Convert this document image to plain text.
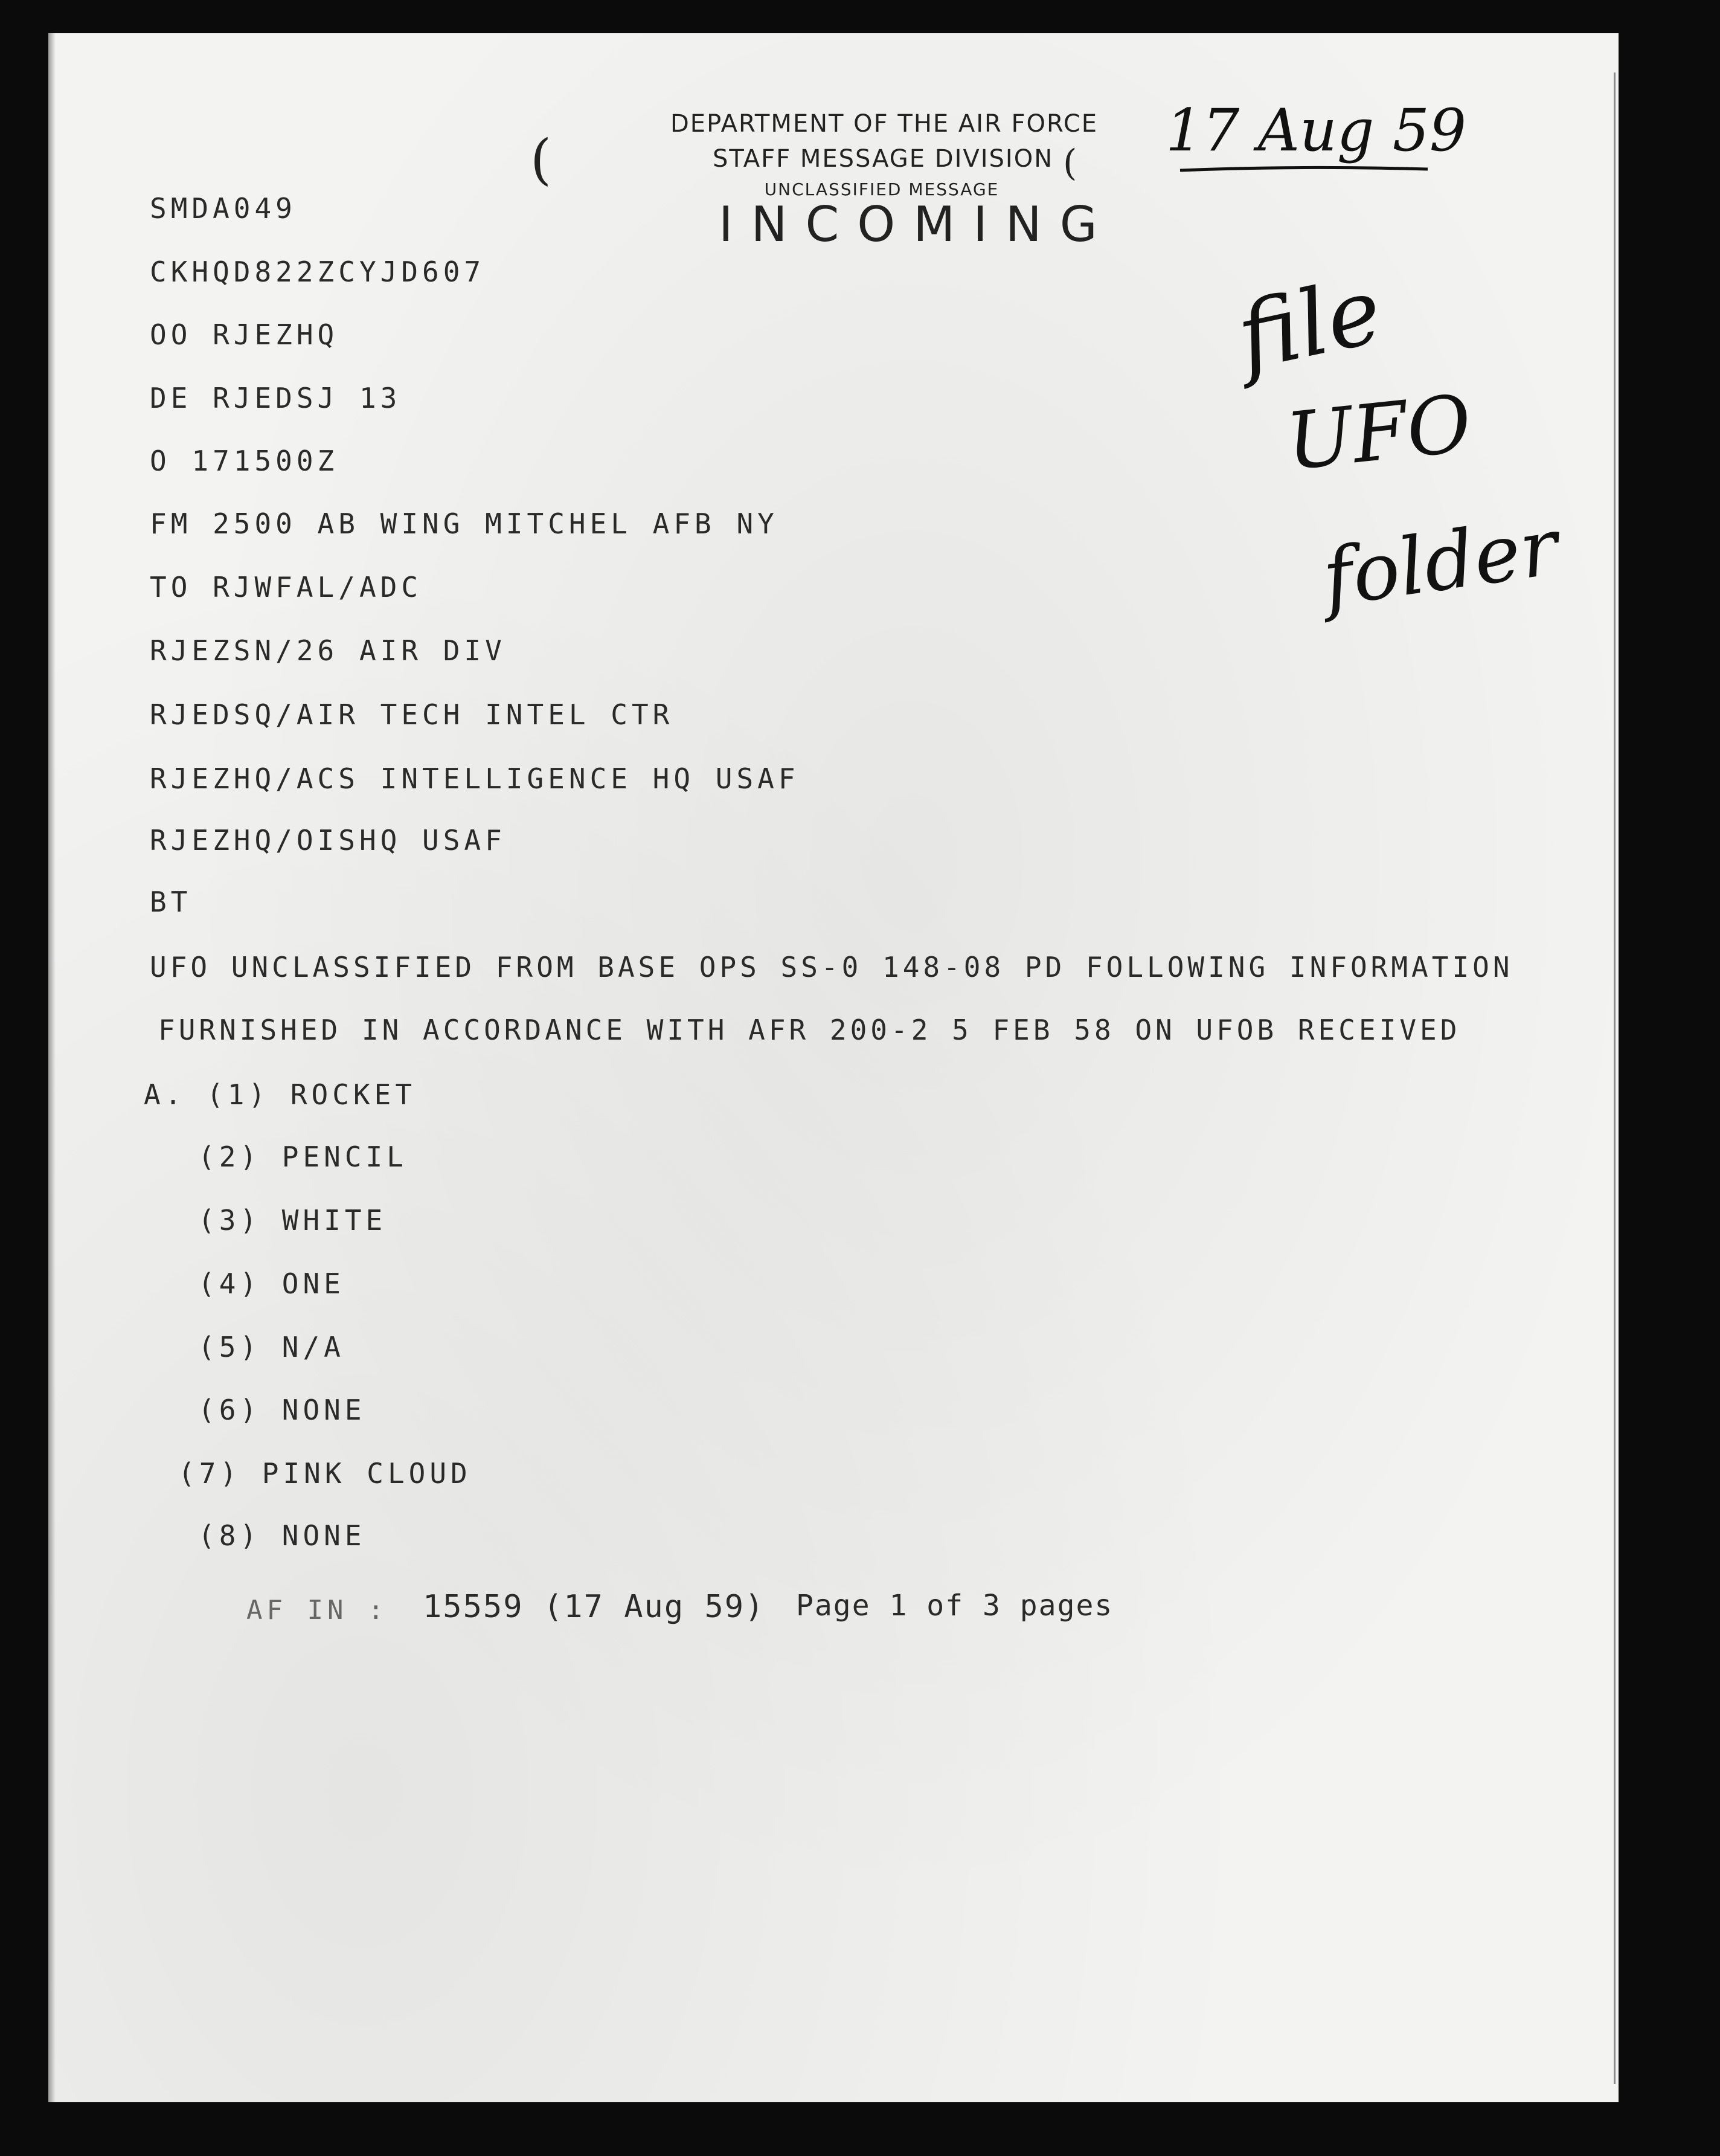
DEPARTMENT OF THE AIR FORCE
STAFF MESSAGE DIVISION
UNCLASSIFIED MESSAGE
INCOMING
(	( 17 Aug 59
file
UFO
folder
SMDA049
CKHQD822ZCYJD607
OO RJEZHQ
DE RJEDSJ 13
O 171500Z
FM 2500 AB WING MITCHEL AFB NY
TO RJWFAL/ADC
RJEZSN/26 AIR DIV
RJEDSQ/AIR TECH INTEL CTR
RJEZHQ/ACS INTELLIGENCE HQ USAF
RJEZHQ/OISHQ USAF
BT
UFO UNCLASSIFIED FROM BASE OPS SS-0 148-08 PD FOLLOWING INFORMATION
FURNISHED IN ACCORDANCE WITH AFR 200-2 5 FEB 58 ON UFOB RECEIVED
A. (1) ROCKET
(2) PENCIL
(3) WHITE
(4) ONE
(5) N/A
(6) NONE
(7) PINK CLOUD
(8) NONE
AF IN : 15559 (17 Aug 59) Page 1 of 3 pages
